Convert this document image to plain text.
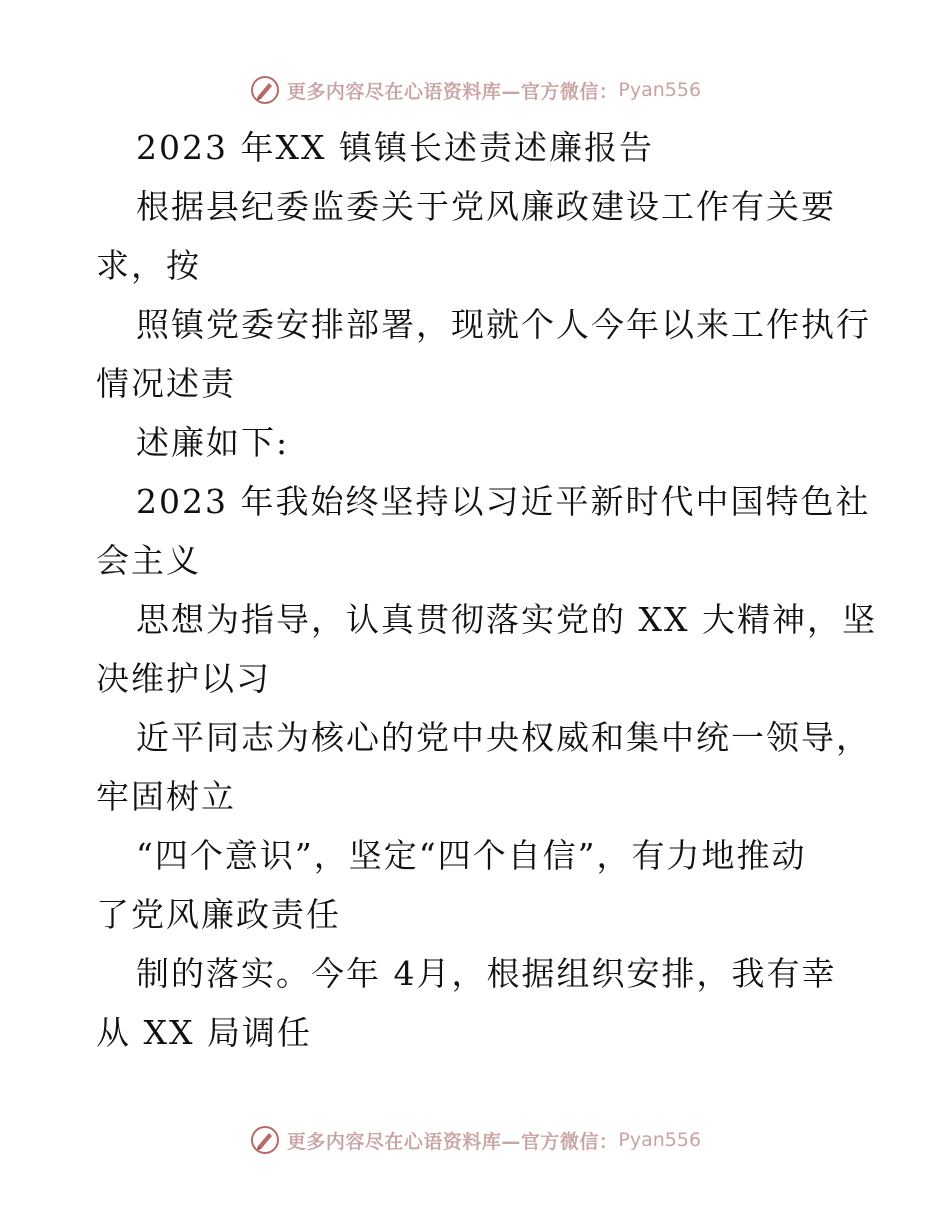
更多内容尽在心语资料库—官方微信： Pyan556
2023 年XX 镇镇长述责述廉报告
根据县纪委监委关于党风廉政建设工作有关要
求，按
照镇党委安排部署，现就个人今年以来工作执行
情况述责
述廉如下:
2023 年我始终坚持以习近平新时代中国特色社
会主义
思想为指导，认真贯彻落实党的 XX 大精神，坚
决维护以习
近平同志为核心的党中央权威和集中统一领导，
牢固树立
“四个意识”，坚定“四个自信”，有力地推动
了党风廉政责任
制的落实。今年 4月，根据组织安排，我有幸
从 XX 局调任
更多内容尽在心语资料库—官方微信： Pyan556
